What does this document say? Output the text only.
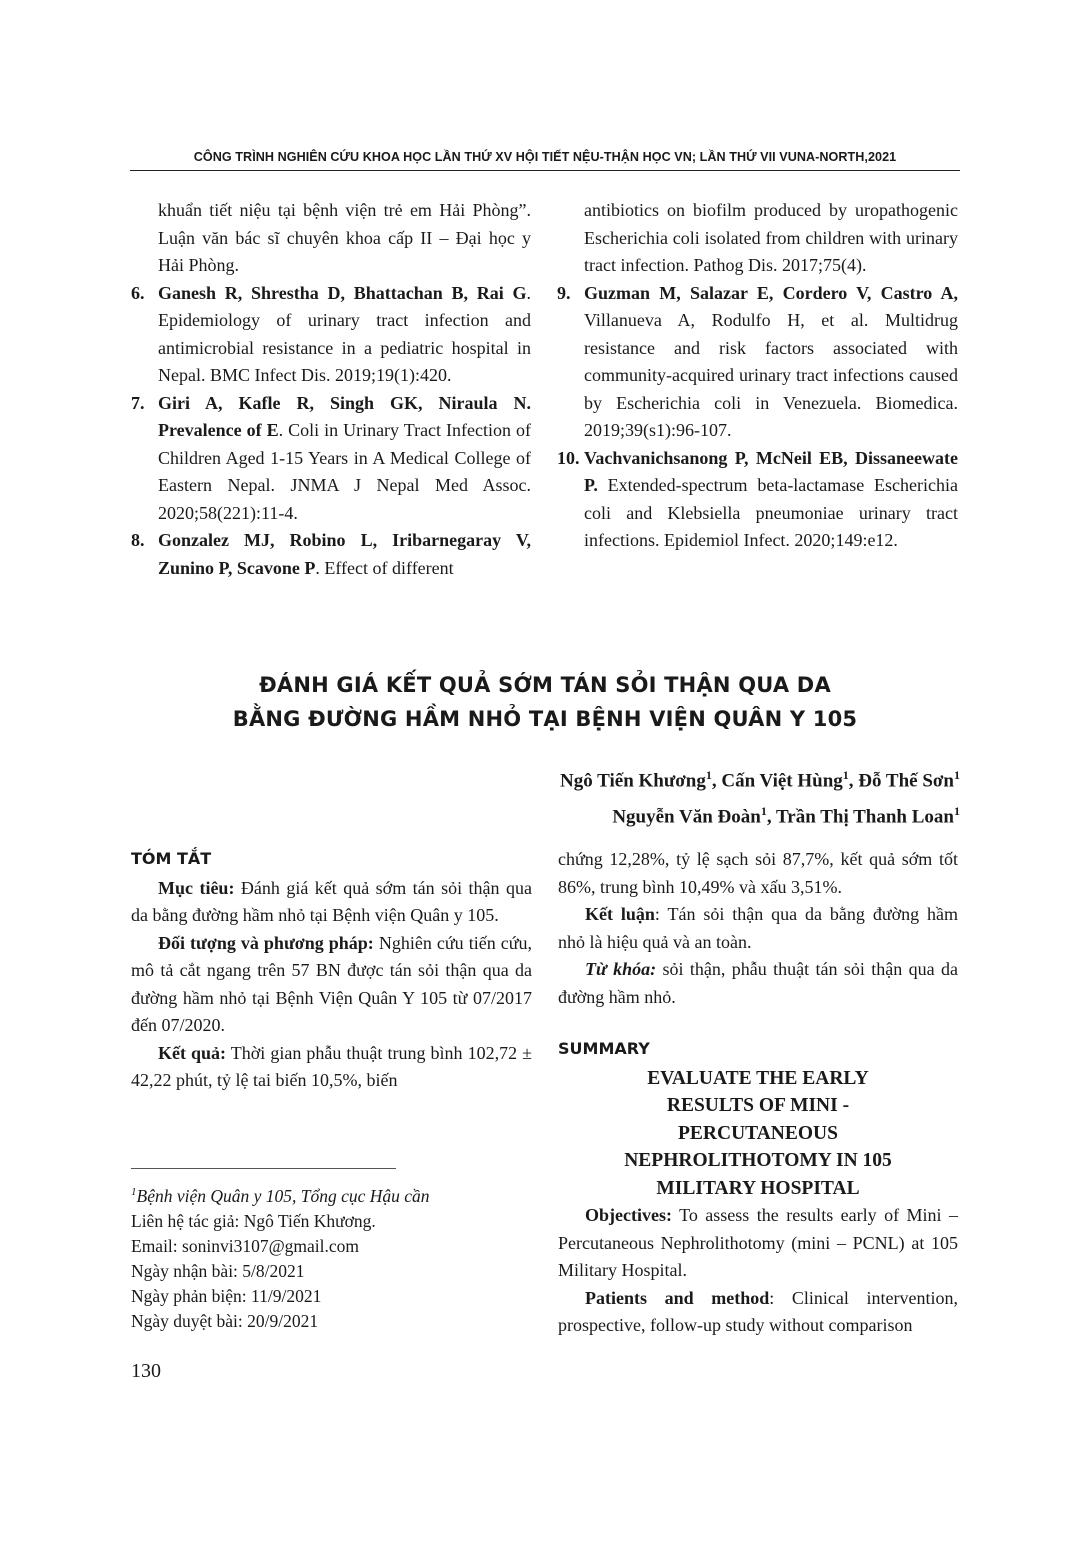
CÔNG TRÌNH NGHIÊN CỨU KHOA HỌC LẦN THỨ XV HỘI TIẾT NỆU-THẬN HỌC VN; LẦN THỨ VII VUNA-NORTH,2021

khuẩn tiết niệu tại bệnh viện trẻ em Hải Phòng”. Luận văn bác sĩ chuyên khoa cấp II – Đại học y Hải Phòng.

6. Ganesh R, Shrestha D, Bhattachan B, Rai G. Epidemiology of urinary tract infection and antimicrobial resistance in a pediatric hospital in Nepal. BMC Infect Dis. 2019;19(1):420.

7. Giri A, Kafle R, Singh GK, Niraula N. Prevalence of E. Coli in Urinary Tract Infection of Children Aged 1-15 Years in A Medical College of Eastern Nepal. JNMA J Nepal Med Assoc. 2020;58(221):11-4.

8. Gonzalez MJ, Robino L, Iribarnegaray V, Zunino P, Scavone P. Effect of different

antibiotics on biofilm produced by uropathogenic Escherichia coli isolated from children with urinary tract infection. Pathog Dis. 2017;75(4).

9. Guzman M, Salazar E, Cordero V, Castro A, Villanueva A, Rodulfo H, et al. Multidrug resistance and risk factors associated with community-acquired urinary tract infections caused by Escherichia coli in Venezuela. Biomedica. 2019;39(s1):96-107.

10. Vachvanichsanong P, McNeil EB, Dissaneewate P. Extended-spectrum beta-lactamase Escherichia coli and Klebsiella pneumoniae urinary tract infections. Epidemiol Infect. 2020;149:e12.

ĐÁNH GIÁ KẾT QUẢ SỚM TÁN SỎI THẬN QUA DA
BẰNG ĐƯỜNG HẦM NHỎ TẠI BỆNH VIỆN QUÂN Y 105
Ngô Tiến Khương$^1$, Cấn Việt Hùng$^1$, Đỗ Thế Sơn$^1$
Nguyễn Văn Đoàn$^1$, Trần Thị Thanh Loan$^1$
TÓM TẮT

Mục tiêu: Đánh giá kết quả sớm tán sỏi thận qua da bằng đường hầm nhỏ tại Bệnh viện Quân y 105.

Đối tượng và phương pháp: Nghiên cứu tiến cứu, mô tả cắt ngang trên 57 BN được tán sỏi thận qua da đường hầm nhỏ tại Bệnh Viện Quân Y 105 từ 07/2017 đến 07/2020.

Kết quả: Thời gian phẫu thuật trung bình 102,72 ± 42,22 phút, tỷ lệ tai biến 10,5%, biến

chứng 12,28%, tỷ lệ sạch sỏi 87,7%, kết quả sớm tốt 86%, trung bình 10,49% và xấu 3,51%.

Kết luận: Tán sỏi thận qua da bằng đường hầm nhỏ là hiệu quả và an toàn.

Từ khóa: sỏi thận, phẫu thuật tán sỏi thận qua da đường hầm nhỏ.

SUMMARY
EVALUATE THE EARLY RESULTS OF MINI - PERCUTANEOUS NEPHROLITHOTOMY IN 105 MILITARY HOSPITAL

Objectives: To assess the results early of Mini – Percutaneous Nephrolithotomy (mini – PCNL) at 105 Military Hospital.

Patients and method: Clinical intervention, prospective, follow-up study without comparison

$^1$Bệnh viện Quân y 105, Tổng cục Hậu cần
Liên hệ tác giả: Ngô Tiến Khương.
Email: soninvi3107@gmail.com
Ngày nhận bài: 5/8/2021
Ngày phản biện: 11/9/2021
Ngày duyệt bài: 20/9/2021
130
